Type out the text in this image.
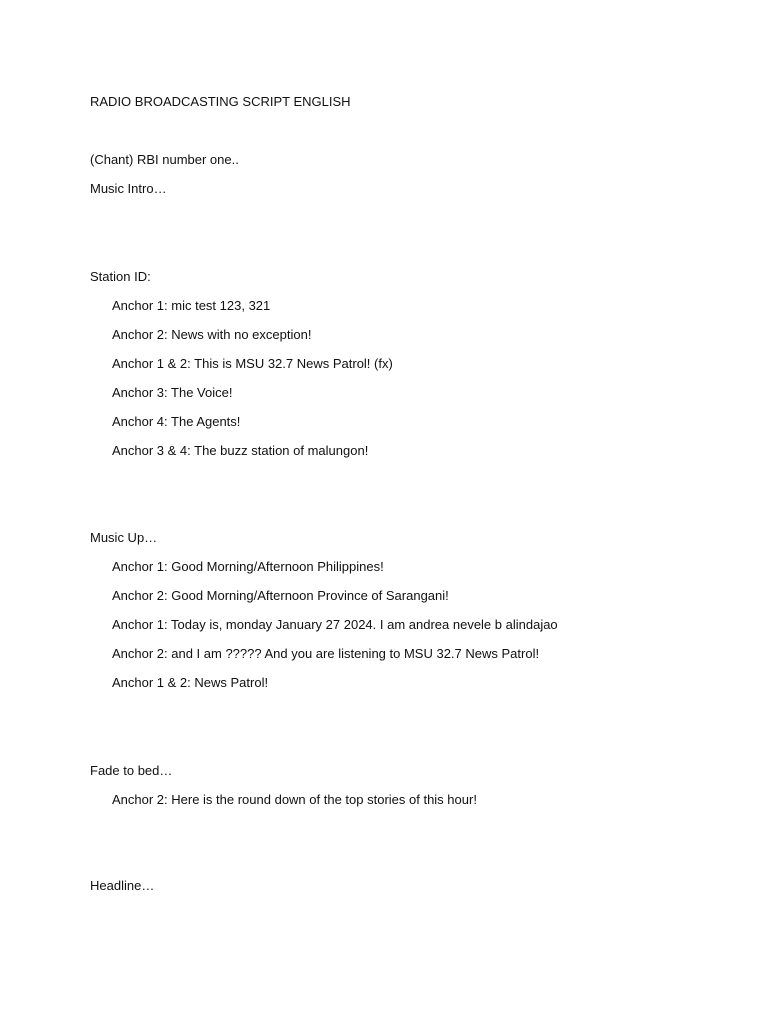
RADIO BROADCASTING SCRIPT ENGLISH
(Chant) RBI number one..
Music Intro…
Station ID:
Anchor 1: mic test 123, 321
Anchor 2: News with no exception!
Anchor 1 & 2: This is MSU 32.7 News Patrol! (fx)
Anchor 3: The Voice!
Anchor 4: The Agents!
Anchor 3 & 4: The buzz station of malungon!
Music Up…
Anchor 1: Good Morning/Afternoon Philippines!
Anchor 2: Good Morning/Afternoon Province of Sarangani!
Anchor 1: Today is, monday January 27 2024. I am andrea nevele b alindajao
Anchor 2: and I am ????? And you are listening to MSU 32.7 News Patrol!
Anchor 1 & 2: News Patrol!
Fade to bed…
Anchor 2: Here is the round down of the top stories of this hour!
Headline…
